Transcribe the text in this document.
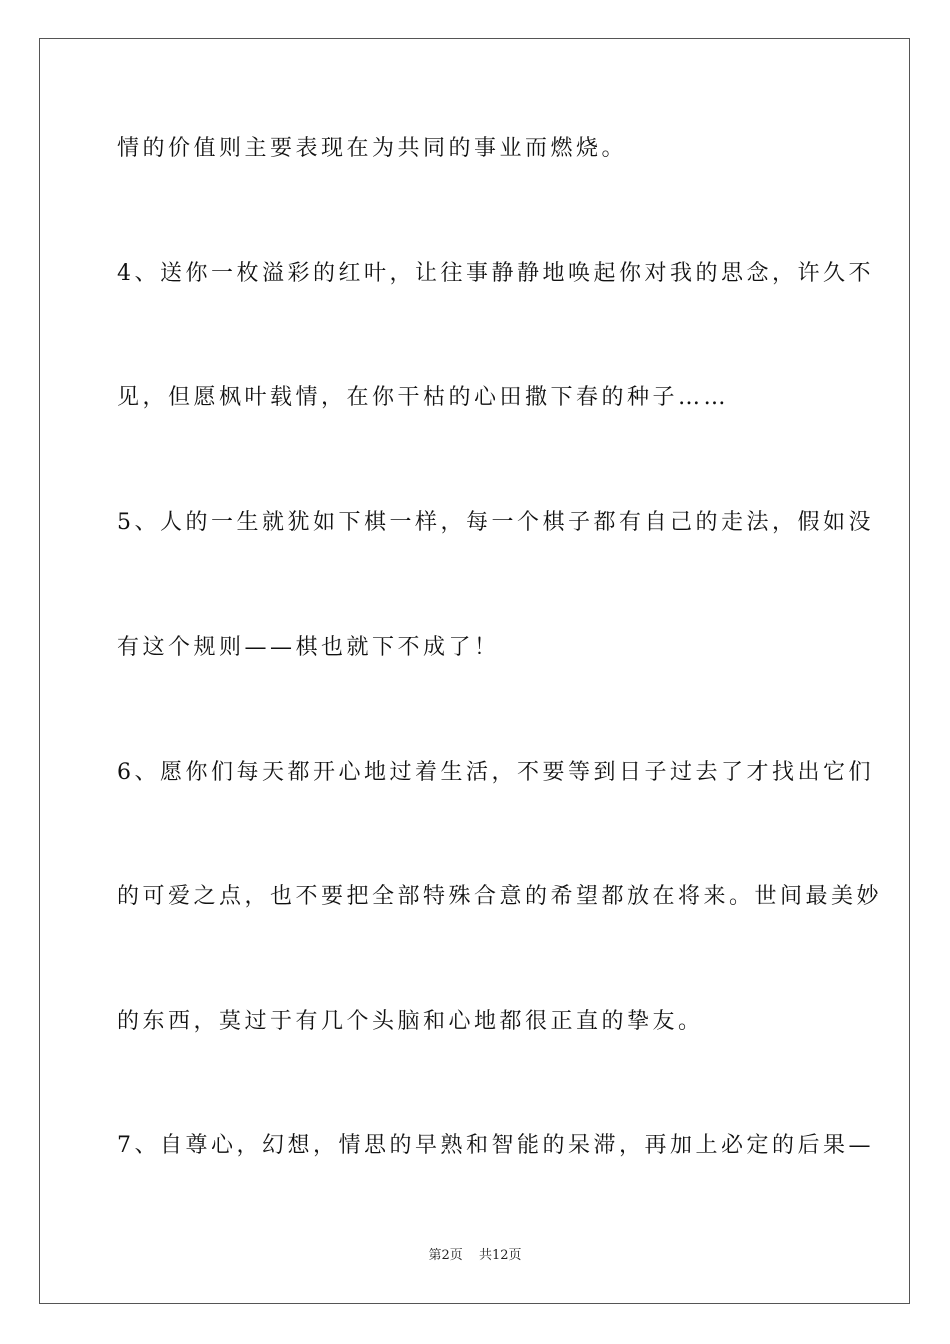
情的价值则主要表现在为共同的事业而燃烧。
4、送你一枚溢彩的红叶，让往事静静地唤起你对我的思念，许久不
见，但愿枫叶载情，在你干枯的心田撒下春的种子……
5、人的一生就犹如下棋一样，每一个棋子都有自己的走法，假如没
有这个规则——棋也就下不成了！
6、愿你们每天都开心地过着生活，不要等到日子过去了才找出它们
的可爱之点，也不要把全部特殊合意的希望都放在将来。世间最美妙
的东西，莫过于有几个头脑和心地都很正直的挚友。
7、自尊心，幻想，情思的早熟和智能的呆滞，再加上必定的后果—
第2页 共12页
